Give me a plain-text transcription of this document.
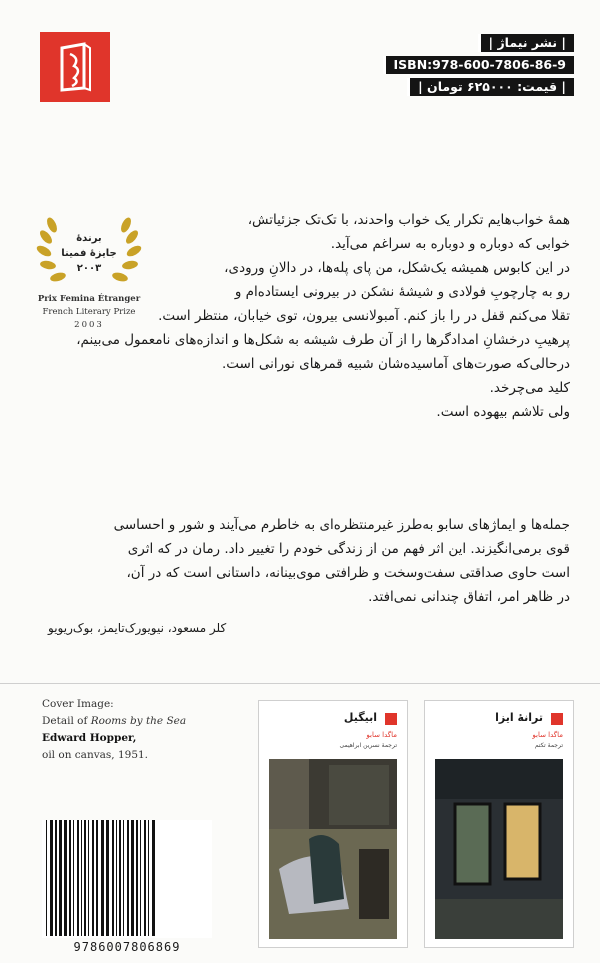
| نشر نیماژ |
ISBN:978-600-7806-86-9
| قیمت: ۶۲۵۰۰۰ تومان |
برندهٔ
جایزهٔ فمینا
۲۰۰۳
Prix Femina Étranger
French Literary Prize
2003
همهٔ خواب‌هایم تکرار یک خواب واحدند، با تک‌تک جزئیاتش،
خوابی که دوباره و دوباره به سراغم می‌آید.
در این کابوس همیشه یک‌شکل، من پای پله‌ها، در دالانِ ورودی،
رو به چارچوبِ فولادی و شیشهٔ نشکن در بیرونی ایستاده‌ام و
تقلا می‌کنم قفل در را باز کنم. آمبولانسی بیرون، توی خیابان، منتظر است.
پرهیبِ درخشانِ امدادگرها را از آن طرف شیشه به شکل‌ها و اندازه‌های نامعمول می‌بینم،
درحالی‌که صورت‌های آماسیده‌شان شبیه قمرهای نورانی است.
کلید می‌چرخد.
ولی تلاشم بیهوده است.
جمله‌ها و ایماژهای سابو به‌طرز غیرمنتظره‌ای به خاطرم می‌آیند و شور و احساسی
قوی برمی‌انگیزند. این اثر فهم من از زندگی خودم را تغییر داد. رمان در که اثری
است حاوی صداقتی سفت‌وسخت و ظرافتی موی‌بینانه، داستانی است که در آن،
در ظاهر امر، اتفاق چندانی نمی‌افتد.
کلر مسعود، نیویورک‌تایمز، بوک‌ریویو
Cover Image:
Detail of Rooms by the Sea
Edward Hopper,
oil on canvas, 1951.
ابیگیل
ماگدا سابو
ترجمهٔ نسرین ابراهیمی
ترانهٔ ایزا
ماگدا سابو
ترجمهٔ تکتم
9786007806869
